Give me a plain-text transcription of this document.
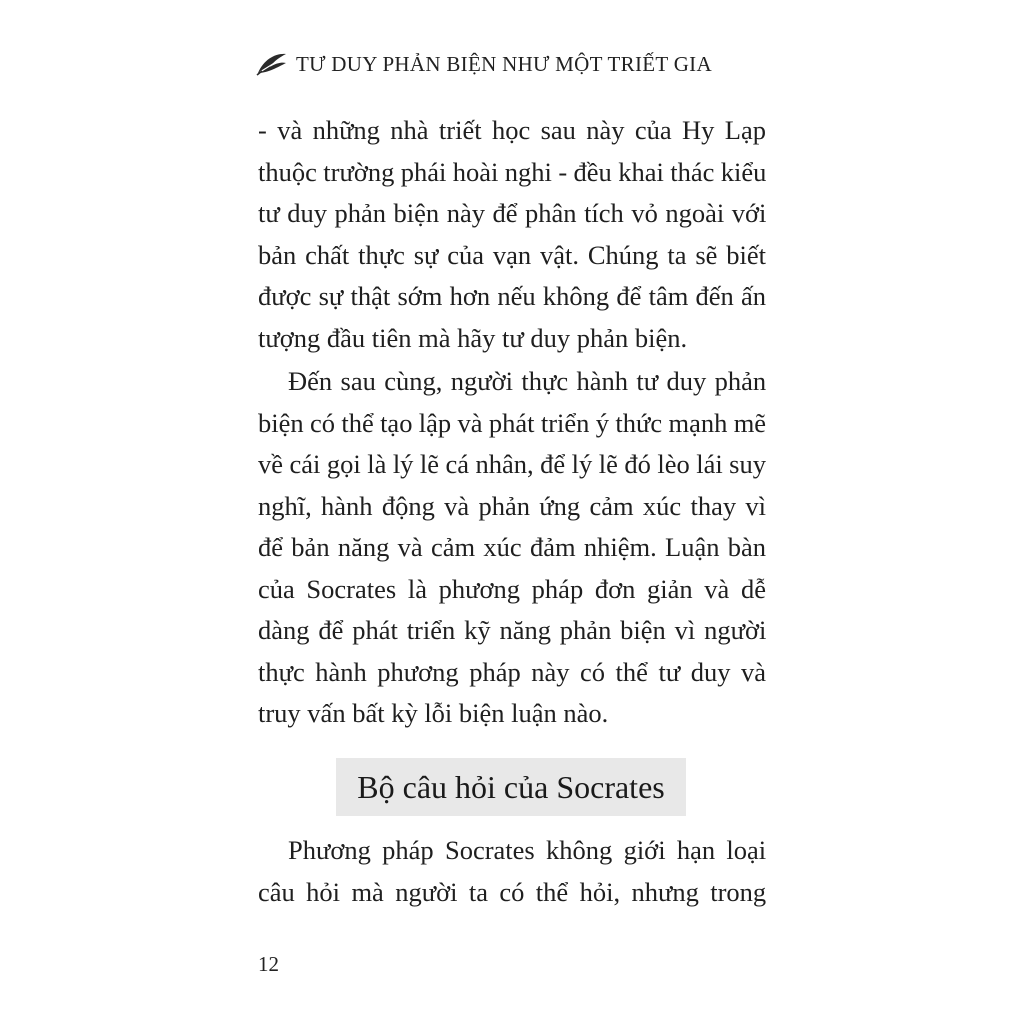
TƯ DUY PHẢN BIỆN NHƯ MỘT TRIẾT GIA
- và những nhà triết học sau này của Hy Lạp
thuộc trường phái hoài nghi - đều khai thác kiểu
tư duy phản biện này để phân tích vỏ ngoài với
bản chất thực sự của vạn vật. Chúng ta sẽ biết
được sự thật sớm hơn nếu không để tâm đến ấn
tượng đầu tiên mà hãy tư duy phản biện.
Đến sau cùng, người thực hành tư duy phản
biện có thể tạo lập và phát triển ý thức mạnh mẽ
về cái gọi là lý lẽ cá nhân, để lý lẽ đó lèo lái suy
nghĩ, hành động và phản ứng cảm xúc thay vì
để bản năng và cảm xúc đảm nhiệm. Luận bàn
của Socrates là phương pháp đơn giản và dễ
dàng để phát triển kỹ năng phản biện vì người
thực hành phương pháp này có thể tư duy và
truy vấn bất kỳ lỗi biện luận nào.
Bộ câu hỏi của Socrates
Phương pháp Socrates không giới hạn loại
câu hỏi mà người ta có thể hỏi, nhưng trong
12
